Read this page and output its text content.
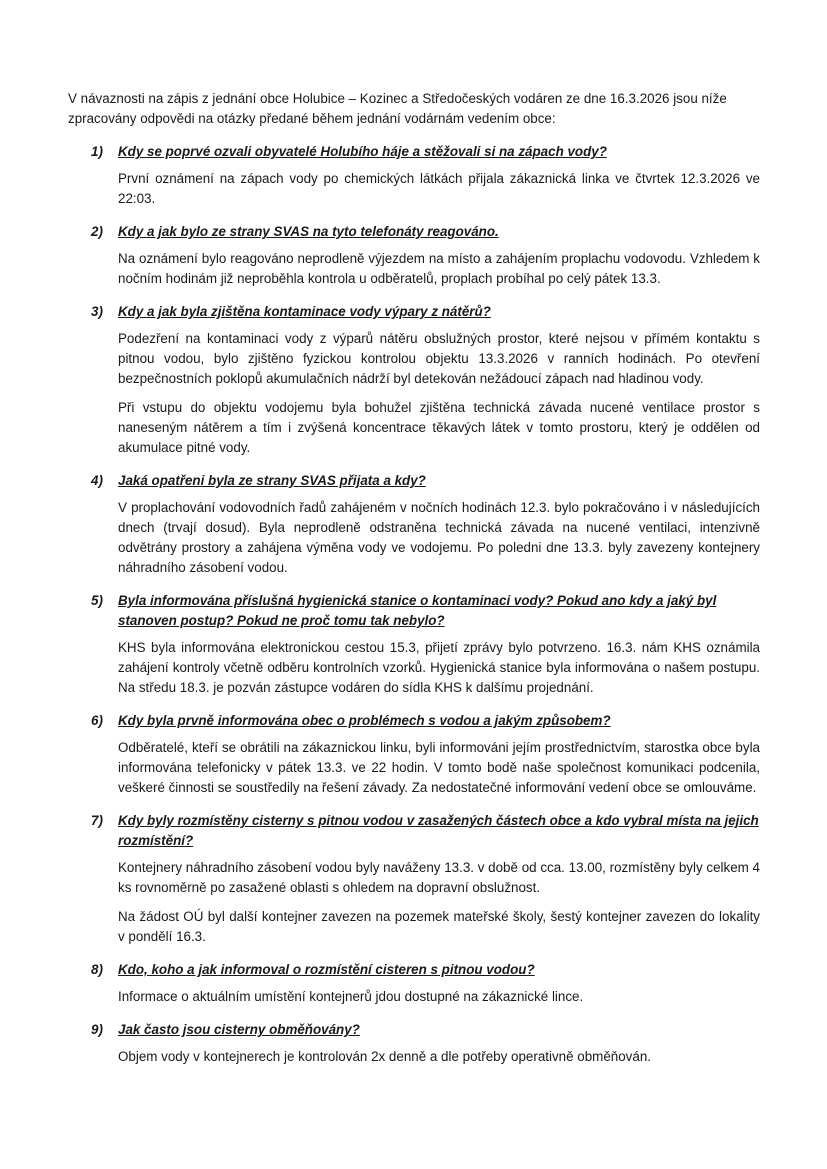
V návaznosti na zápis z jednání obce Holubice – Kozinec a Středočeských vodáren ze dne 16.3.2026 jsou níže zpracovány odpovědi na otázky předané během jednání vodárnám vedením obce:

1) Kdy se poprvé ozvali obyvatelé Holubího háje a stěžovali si na zápach vody?

První oznámení na zápach vody po chemických látkách přijala zákaznická linka ve čtvrtek 12.3.2026 ve 22:03.

2) Kdy a jak bylo ze strany SVAS na tyto telefonáty reagováno.

Na oznámení bylo reagováno neprodleně výjezdem na místo a zahájením proplachu vodovodu. Vzhledem k nočním hodinám již neproběhla kontrola u odběratelů, proplach probíhal po celý pátek 13.3.

3) Kdy a jak byla zjištěna kontaminace vody výpary z nátěrů?

Podezření na kontaminaci vody z výparů nátěru obslužných prostor, které nejsou v přímém kontaktu s pitnou vodou, bylo zjištěno fyzickou kontrolou objektu 13.3.2026 v ranních hodinách. Po otevření bezpečnostních poklopů akumulačních nádrží byl detekován nežádoucí zápach nad hladinou vody.

Při vstupu do objektu vodojemu byla bohužel zjištěna technická závada nucené ventilace prostor s naneseným nátěrem a tím i zvýšená koncentrace těkavých látek v tomto prostoru, který je oddělen od akumulace pitné vody.

4) Jaká opatřeni byla ze strany SVAS přijata a kdy?

V proplachování vodovodních řadů zahájeném v nočních hodinách 12.3. bylo pokračováno i v následujících dnech (trvají dosud). Byla neprodleně odstraněna technická závada na nucené ventilaci, intenzivně odvětrány prostory a zahájena výměna vody ve vodojemu. Po poledni dne 13.3. byly zavezeny kontejnery náhradního zásobení vodou.

5) Byla informována příslušná hygienická stanice o kontaminaci vody? Pokud ano kdy a jaký byl stanoven postup? Pokud ne proč tomu tak nebylo?

KHS byla informována elektronickou cestou 15.3, přijetí zprávy bylo potvrzeno. 16.3. nám KHS oznámila zahájení kontroly včetně odběru kontrolních vzorků. Hygienická stanice byla informována o našem postupu. Na středu 18.3. je pozván zástupce vodáren do sídla KHS k dalšímu projednání.

6) Kdy byla prvně informována obec o problémech s vodou a jakým způsobem?

Odběratelé, kteří se obrátili na zákaznickou linku, byli informováni jejím prostřednictvím, starostka obce byla informována telefonicky v pátek 13.3. ve 22 hodin. V tomto bodě naše společnost komunikaci podcenila, veškeré činnosti se soustředily na řešení závady. Za nedostatečné informování vedení obce se omlouváme.

7) Kdy byly rozmístěny cisterny s pitnou vodou v zasažených částech obce a kdo vybral místa na jejich rozmístění?

Kontejnery náhradního zásobení vodou byly naváženy 13.3. v době od cca. 13.00, rozmístěny byly celkem 4 ks rovnoměrně po zasažené oblasti s ohledem na dopravní obslužnost.

Na žádost OÚ byl další kontejner zavezen na pozemek mateřské školy, šestý kontejner zavezen do lokality v pondělí 16.3.

8) Kdo, koho a jak informoval o rozmístění cisteren s pitnou vodou?

Informace o aktuálním umístění kontejnerů jdou dostupné na zákaznické lince.

9) Jak často jsou cisterny obměňovány?

Objem vody v kontejnerech je kontrolován 2x denně a dle potřeby operativně obměňován.
